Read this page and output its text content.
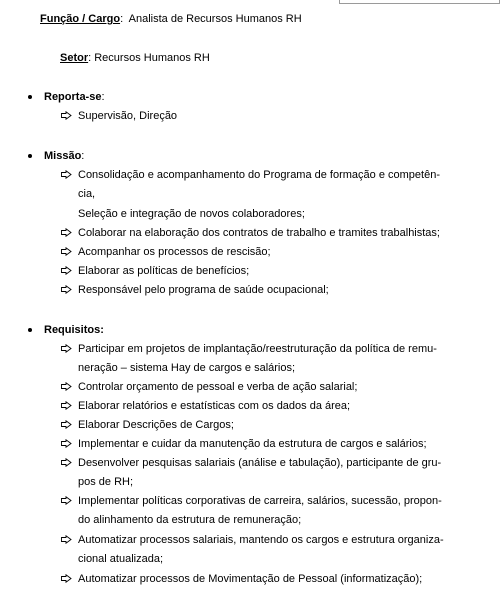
Função / Cargo: Analista de Recursos Humanos RH
Setor: Recursos Humanos RH
Reporta-se:
Supervisão, Direção
Missão:
Consolidação e acompanhamento do Programa de formação e competên-
cia,
Seleção e integração de novos colaboradores;
Colaborar na elaboração dos contratos de trabalho e tramites trabalhistas;
Acompanhar os processos de rescisão;
Elaborar as políticas de benefícios;
Responsável pelo programa de saúde ocupacional;
Requisitos:
Participar em projetos de implantação/reestruturação da política de remu-
neração – sistema Hay de cargos e salários;
Controlar orçamento de pessoal e verba de ação salarial;
Elaborar relatórios e estatísticas com os dados da área;
Elaborar Descrições de Cargos;
Implementar e cuidar da manutenção da estrutura de cargos e salários;
Desenvolver pesquisas salariais (análise e tabulação), participante de gru-
pos de RH;
Implementar políticas corporativas de carreira, salários, sucessão, propon-
do alinhamento da estrutura de remuneração;
Automatizar processos salariais, mantendo os cargos e estrutura organiza-
cional atualizada;
Automatizar processos de Movimentação de Pessoal (informatização);
